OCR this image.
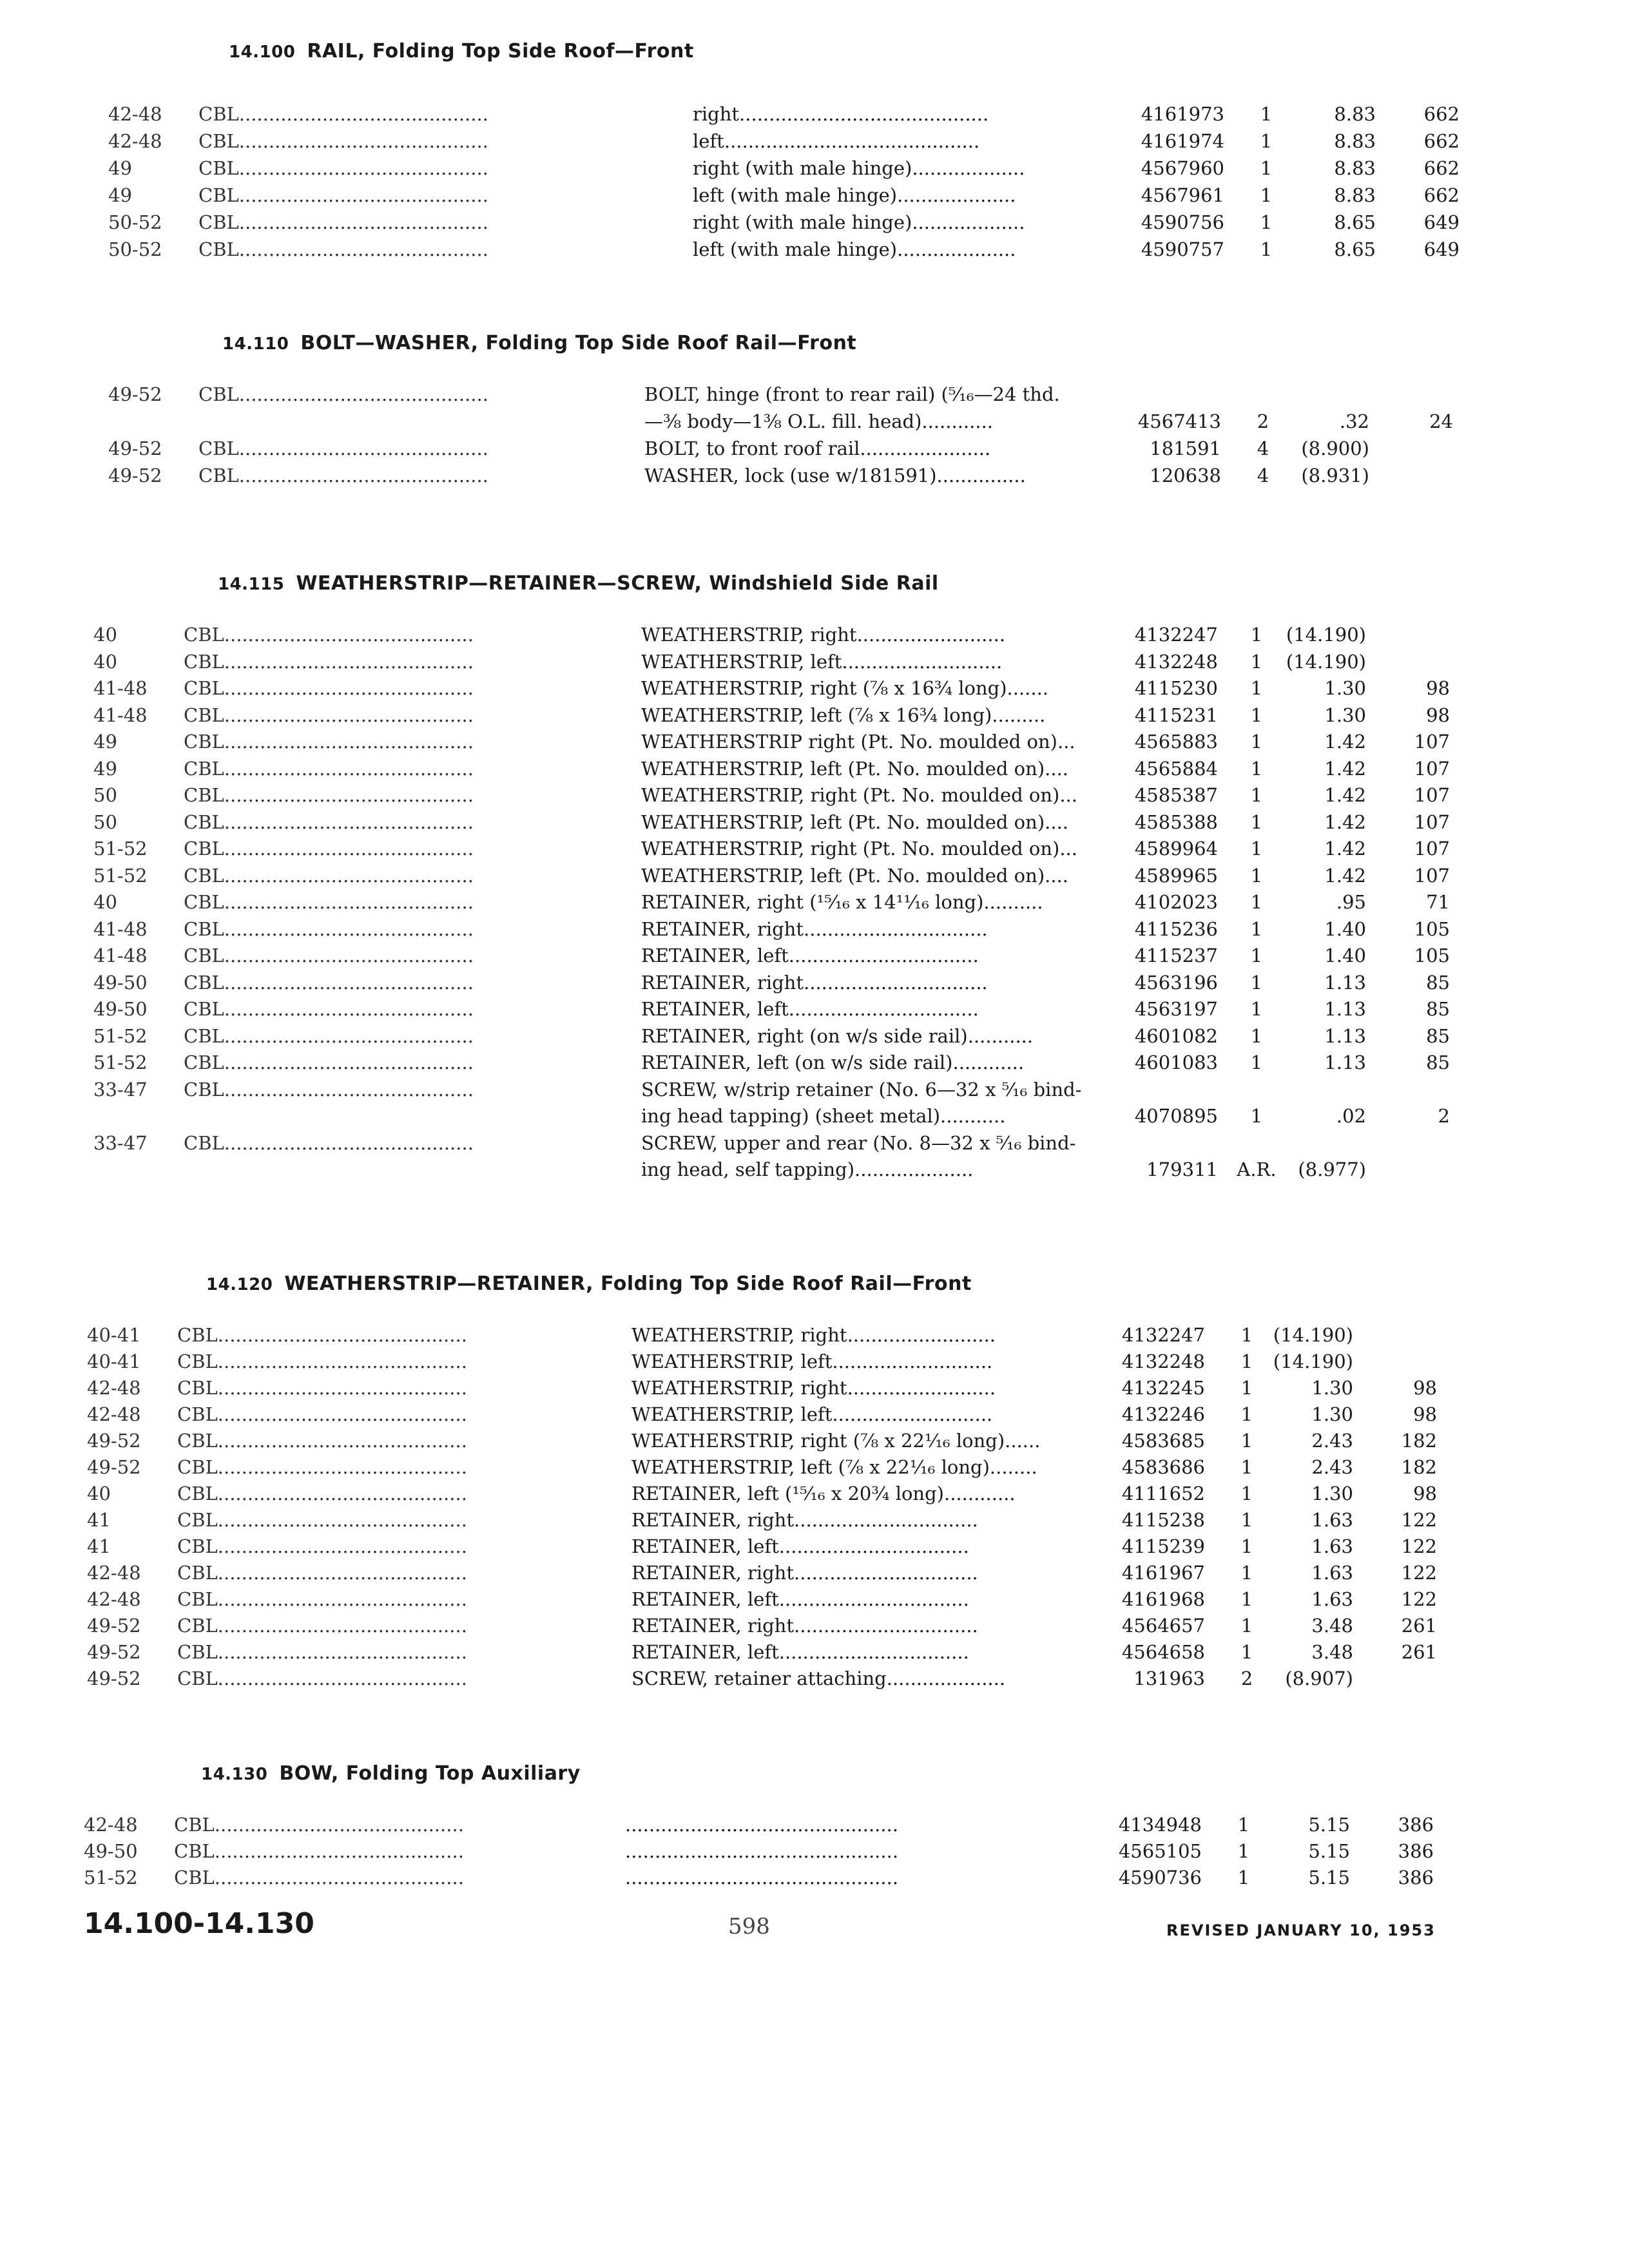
14.100 RAIL, Folding Top Side Roof—Front
42-48	CBL..........................................	right..........................................	4161973	1	8.83	662
42-48	CBL..........................................	left...........................................	4161974	1	8.83	662
49	CBL..........................................	right (with male hinge)...................	4567960	1	8.83	662
49	CBL..........................................	left (with male hinge)....................	4567961	1	8.83	662
50-52	CBL..........................................	right (with male hinge)...................	4590756	1	8.65	649
50-52	CBL..........................................	left (with male hinge)....................	4590757	1	8.65	649
14.110 BOLT—WASHER, Folding Top Side Roof Rail—Front
49-52	CBL..........................................	BOLT, hinge (front to rear rail) (⁵⁄₁₆—24 thd.
—⅜ body—1⅜ O.L. fill. head)............	4567413	2	.32	24
49-52	CBL..........................................	BOLT, to front roof rail......................	181591	4	(8.900)
49-52	CBL..........................................	WASHER, lock (use w/181591)...............	120638	4	(8.931)
14.115 WEATHERSTRIP—RETAINER—SCREW, Windshield Side Rail
40	CBL..........................................	WEATHERSTRIP, right.........................	4132247	1	(14.190)
40	CBL..........................................	WEATHERSTRIP, left...........................	4132248	1	(14.190)
41-48	CBL..........................................	WEATHERSTRIP, right (⅞ x 16¾ long).......	4115230	1	1.30	98
41-48	CBL..........................................	WEATHERSTRIP, left (⅞ x 16¾ long).........	4115231	1	1.30	98
49	CBL..........................................	WEATHERSTRIP right (Pt. No. moulded on)...	4565883	1	1.42	107
49	CBL..........................................	WEATHERSTRIP, left (Pt. No. moulded on)....	4565884	1	1.42	107
50	CBL..........................................	WEATHERSTRIP, right (Pt. No. moulded on)...	4585387	1	1.42	107
50	CBL..........................................	WEATHERSTRIP, left (Pt. No. moulded on)....	4585388	1	1.42	107
51-52	CBL..........................................	WEATHERSTRIP, right (Pt. No. moulded on)...	4589964	1	1.42	107
51-52	CBL..........................................	WEATHERSTRIP, left (Pt. No. moulded on)....	4589965	1	1.42	107
40	CBL..........................................	RETAINER, right (¹⁵⁄₁₆ x 14¹¹⁄₁₆ long)..........	4102023	1	.95	71
41-48	CBL..........................................	RETAINER, right...............................	4115236	1	1.40	105
41-48	CBL..........................................	RETAINER, left................................	4115237	1	1.40	105
49-50	CBL..........................................	RETAINER, right...............................	4563196	1	1.13	85
49-50	CBL..........................................	RETAINER, left................................	4563197	1	1.13	85
51-52	CBL..........................................	RETAINER, right (on w/s side rail)...........	4601082	1	1.13	85
51-52	CBL..........................................	RETAINER, left (on w/s side rail)............	4601083	1	1.13	85
33-47	CBL..........................................	SCREW, w/strip retainer (No. 6—32 x ⁵⁄₁₆ bind-
ing head tapping) (sheet metal)...........	4070895	1	.02	2
33-47	CBL..........................................	SCREW, upper and rear (No. 8—32 x ⁵⁄₁₆ bind-
ing head, self tapping)....................	179311	A.R.	(8.977)
14.120 WEATHERSTRIP—RETAINER, Folding Top Side Roof Rail—Front
40-41	CBL..........................................	WEATHERSTRIP, right.........................	4132247	1	(14.190)
40-41	CBL..........................................	WEATHERSTRIP, left...........................	4132248	1	(14.190)
42-48	CBL..........................................	WEATHERSTRIP, right.........................	4132245	1	1.30	98
42-48	CBL..........................................	WEATHERSTRIP, left...........................	4132246	1	1.30	98
49-52	CBL..........................................	WEATHERSTRIP, right (⅞ x 22¹⁄₁₆ long)......	4583685	1	2.43	182
49-52	CBL..........................................	WEATHERSTRIP, left (⅞ x 22¹⁄₁₆ long)........	4583686	1	2.43	182
40	CBL..........................................	RETAINER, left (¹⁵⁄₁₆ x 20¾ long)............	4111652	1	1.30	98
41	CBL..........................................	RETAINER, right...............................	4115238	1	1.63	122
41	CBL..........................................	RETAINER, left................................	4115239	1	1.63	122
42-48	CBL..........................................	RETAINER, right...............................	4161967	1	1.63	122
42-48	CBL..........................................	RETAINER, left................................	4161968	1	1.63	122
49-52	CBL..........................................	RETAINER, right...............................	4564657	1	3.48	261
49-52	CBL..........................................	RETAINER, left................................	4564658	1	3.48	261
49-52	CBL..........................................	SCREW, retainer attaching....................	131963	2	(8.907)
14.130 BOW, Folding Top Auxiliary
42-48	CBL..........................................	..............................................	4134948	1	5.15	386
49-50	CBL..........................................	..............................................	4565105	1	5.15	386
51-52	CBL..........................................	..............................................	4590736	1	5.15	386
14.100-14.130	598	REVISED JANUARY 10, 1953
